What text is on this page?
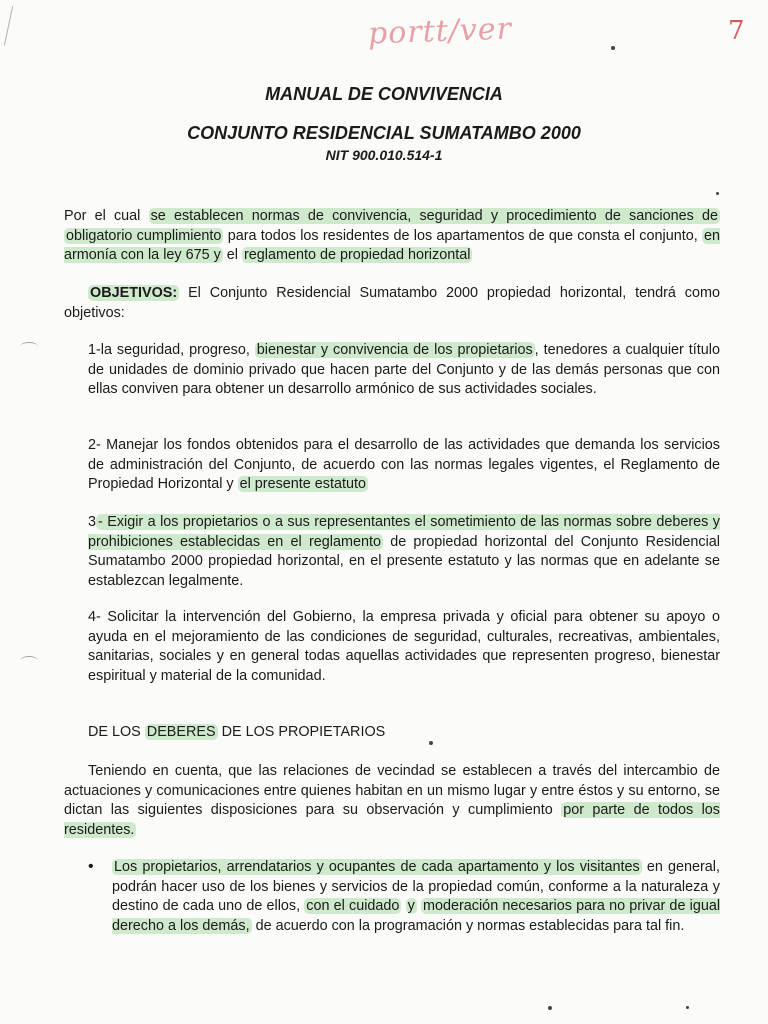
portt/ver	7
MANUAL DE CONVIVENCIA
CONJUNTO RESIDENCIAL SUMATAMBO 2000
NIT 900.010.514-1

Por el cual se establecen normas de convivencia, seguridad y procedimiento de sanciones de obligatorio cumplimiento para todos los residentes de los apartamentos de que consta el conjunto, en armonía con la ley 675 y el reglamento de propiedad horizontal

OBJETIVOS: El Conjunto Residencial Sumatambo 2000 propiedad horizontal, tendrá como objetivos:

1-la seguridad, progreso, bienestar y convivencia de los propietarios , tenedores a cualquier título de unidades de dominio privado que hacen parte del Conjunto y de las demás personas que con ellas conviven para obtener un desarrollo armónico de sus actividades sociales.

2- Manejar los fondos obtenidos para el desarrollo de las actividades que demanda los servicios de administración del Conjunto, de acuerdo con las normas legales vigentes, el Reglamento de Propiedad Horizontal y el presente estatuto

3 - Exigir a los propietarios o a sus representantes el sometimiento de las normas sobre deberes y prohibiciones establecidas en el reglamento de propiedad horizontal del Conjunto Residencial Sumatambo 2000 propiedad horizontal, en el presente estatuto y las normas que en adelante se establezcan legalmente.

4- Solicitar la intervención del Gobierno, la empresa privada y oficial para obtener su apoyo o ayuda en el mejoramiento de las condiciones de seguridad, culturales, recreativas, ambientales, sanitarias, sociales y en general todas aquellas actividades que representen progreso, bienestar espiritual y material de la comunidad.

DE LOS DEBERES DE LOS PROPIETARIOS

Teniendo en cuenta, que las relaciones de vecindad se establecen a través del intercambio de actuaciones y comunicaciones entre quienes habitan en un mismo lugar y entre éstos y su entorno, se dictan las siguientes disposiciones para su observación y cumplimiento por parte de todos los residentes.

• Los propietarios, arrendatarios y ocupantes de cada apartamento y los visitantes en general, podrán hacer uso de los bienes y servicios de la propiedad común, conforme a la naturaleza y destino de cada uno de ellos, con el cuidado y moderación necesarios para no privar de igual derecho a los demás, de acuerdo con la programación y normas establecidas para tal fin.
